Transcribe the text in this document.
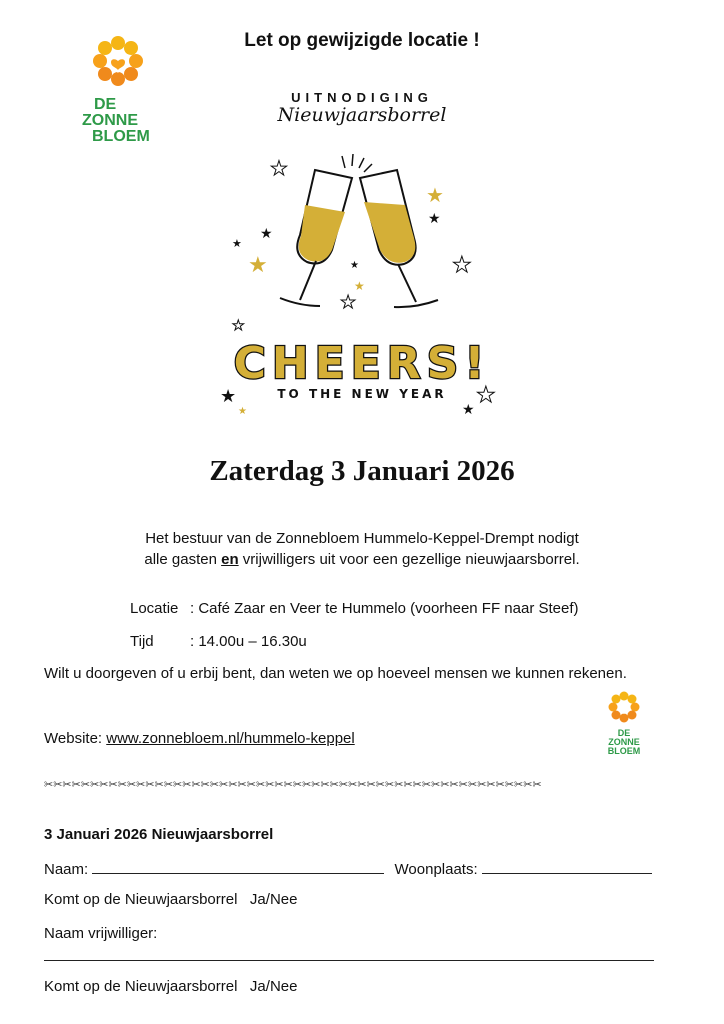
Let op gewijzigde locatie !
DE
ZONNE
BLOEM
UITNODIGING
Nieuwjaarsborrel
★
★
★
★
★
★	★	★
★
★
★
★
★
★
★
CHEERS!
TO THE NEW YEAR
Zaterdag 3 Januari 2026
Het bestuur van de Zonnebloem Hummelo-Keppel-Drempt nodigt
alle gasten en vrijwilligers uit voor een gezellige nieuwjaarsborrel.
Locatie : Café Zaar en Veer te Hummelo (voorheen FF naar Steef)
Tijd : 14.00u – 16.30u
Wilt u doorgeven of u erbij bent, dan weten we op hoeveel mensen we kunnen rekenen.
Website: www.zonnebloem.nl/hummelo-keppel	DE
ZONNE
BLOEM
✂✂✂✂✂✂✂✂✂✂✂✂✂✂✂✂✂✂✂✂✂✂✂✂✂✂✂✂✂✂✂✂✂✂✂✂✂✂✂✂✂✂✂✂✂✂✂✂✂✂✂✂✂✂
3 Januari 2026 Nieuwjaarsborrel
Naam:	Woonplaats:
Komt op de Nieuwjaarsborrel   Ja/Nee
Naam vrijwilliger:
Komt op de Nieuwjaarsborrel   Ja/Nee
